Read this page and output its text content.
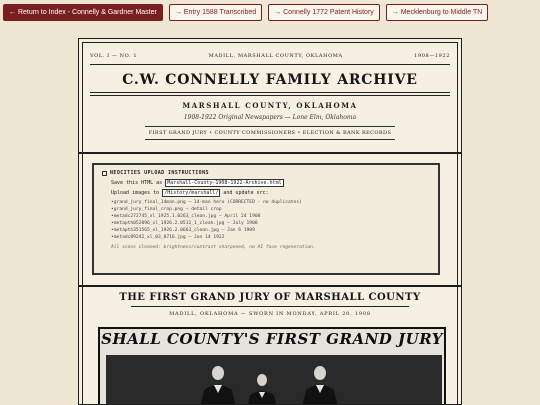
← Return to Index - Connelly & Gardner Master	→ Entry 1588 Transcribed	→ Connelly 1772 Patent History	→ Mecklenburg to Middle TN
VOL. I — NO. 1	MADILL, MARSHALL COUNTY, OKLAHOMA	1908—1922
C.W. CONNELLY FAMILY ARCHIVE
MARSHALL COUNTY, OKLAHOMA
1908-1922 Original Newspapers — Lone Elm, Oklahoma
FIRST GRAND JURY • COUNTY COMMISSIONERS • ELECTION & BANK RECORDS
NEOCITIES UPLOAD INSTRUCTIONS
Save this HTML as Marshall-County-1908-1922-Archive.html
Upload images to /History/marshall/ and update src:
• grand_jury_final_14man.png — 14-man hero (CORRECTED - no duplicates)
• grand_jury_final_crop.png — detail crop
• metadc272745_xl_1925.1.0263_clean.jpg — April 24 1908
• metapth052096_xl_1926.2.0511_1_clean.jpg — July 1908
• metapth351565_xl_1926.2.0663_clean.jpg — Jan 6 1909
• metadc89242_xl_03_0716.jpg — Jan 14 1922
All scans cleaned: brightness/contrast sharpened, no AI face regeneration.
THE FIRST GRAND JURY OF MARSHALL COUNTY
MADILL, OKLAHOMA — SWORN IN MONDAY, APRIL 20, 1908
SHALL COUNTY'S FIRST GRAND JURY
